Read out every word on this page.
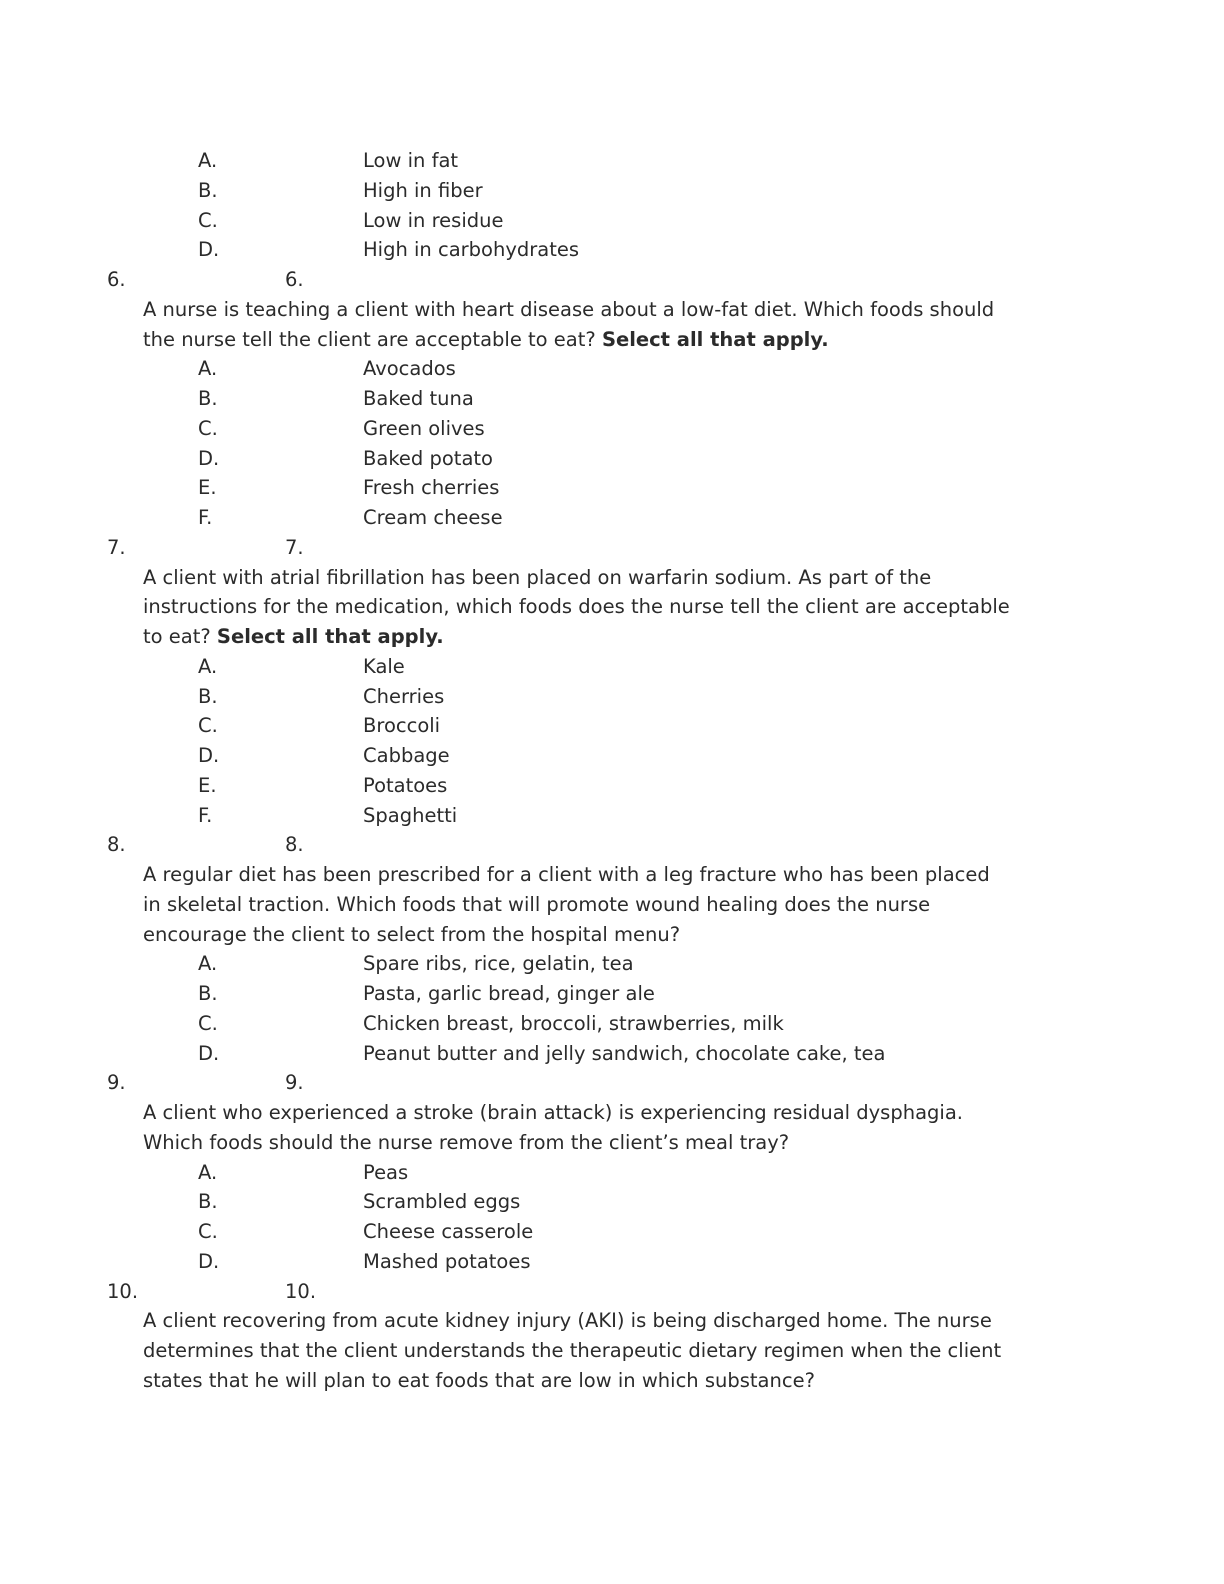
A.	Low in fat
B.	High in fiber
C.	Low in residue
D.	High in carbohydrates
6.	6.
A nurse is teaching a client with heart disease about a low-fat diet. Which foods should
the nurse tell the client are acceptable to eat? Select all that apply.
A.	Avocados
B.	Baked tuna
C.	Green olives
D.	Baked potato
E.	Fresh cherries
F.	Cream cheese
7.	7.
A client with atrial fibrillation has been placed on warfarin sodium. As part of the
instructions for the medication, which foods does the nurse tell the client are acceptable
to eat? Select all that apply.
A.	Kale
B.	Cherries
C.	Broccoli
D.	Cabbage
E.	Potatoes
F.	Spaghetti
8.	8.
A regular diet has been prescribed for a client with a leg fracture who has been placed
in skeletal traction. Which foods that will promote wound healing does the nurse
encourage the client to select from the hospital menu?
A.	Spare ribs, rice, gelatin, tea
B.	Pasta, garlic bread, ginger ale
C.	Chicken breast, broccoli, strawberries, milk
D.	Peanut butter and jelly sandwich, chocolate cake, tea
9.	9.
A client who experienced a stroke (brain attack) is experiencing residual dysphagia.
Which foods should the nurse remove from the client’s meal tray?
A.	Peas
B.	Scrambled eggs
C.	Cheese casserole
D.	Mashed potatoes
10.	10.
A client recovering from acute kidney injury (AKI) is being discharged home. The nurse
determines that the client understands the therapeutic dietary regimen when the client
states that he will plan to eat foods that are low in which substance?
